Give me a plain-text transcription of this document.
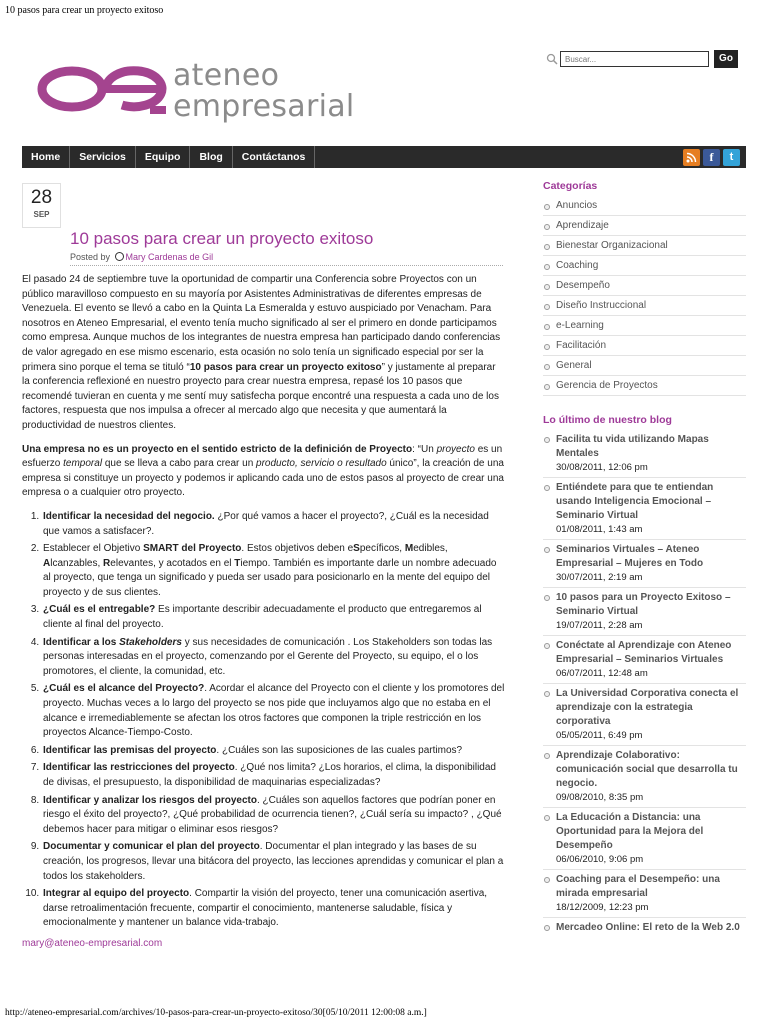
10 pasos para crear un proyecto exitoso
ateneo
empresarial
Buscar...
Go
Home	Servicios	Equipo	Blog	Contáctanos	f	t
28
SEP
10 pasos para crear un proyecto exitoso
Posted by Mary Cardenas de Gil

El pasado 24 de septiembre tuve la oportunidad de compartir una Conferencia sobre Proyectos con un público maravilloso compuesto en su mayoría por Asistentes Administrativas de diferentes empresas de Venezuela. El evento se llevó a cabo en la Quinta La Esmeralda y estuvo auspiciado por Venacham. Para nosotros en Ateneo Empresarial, el evento tenía mucho significado al ser el primero en donde participamos como empresa. Aunque muchos de los integrantes de nuestra empresa han participado dando conferencias de valor agregado en ese mismo escenario, esta ocasión no solo tenía un significado especial por ser la primera sino porque el tema se tituló “10 pasos para crear un proyecto exitoso” y justamente al preparar la conferencia reflexioné en nuestro proyecto para crear nuestra empresa, repasé los 10 pasos que recomendé tuvieran en cuenta y me sentí muy satisfecha porque encontré una respuesta a cada uno de los factores, respuesta que nos impulsa a ofrecer al mercado algo que necesita y que aumentará la productividad de nuestros clientes.

Una empresa no es un proyecto en el sentido estricto de la definición de Proyecto: “Un proyecto es un esfuerzo temporal que se lleva a cabo para crear un producto, servicio o resultado único”, la creación de una empresa si constituye un proyecto y podemos ir aplicando cada uno de estos pasos al proyecto de crear una empresa o a cualquier otro proyecto.

1. Identificar la necesidad del negocio. ¿Por qué vamos a hacer el proyecto?, ¿Cuál es la necesidad que vamos a satisfacer?.
2. Establecer el Objetivo SMART del Proyecto. Estos objetivos deben eSpecíficos, Medibles, Alcanzables, Relevantes, y acotados en el Tiempo. También es importante darle un nombre adecuado al proyecto, que tenga un significado y pueda ser usado para posicionarlo en la mente del equipo del proyecto y de sus clientes.
3. ¿Cuál es el entregable? Es importante describir adecuadamente el producto que entregaremos al cliente al final del proyecto.
4. Identificar a los Stakeholders y sus necesidades de comunicación . Los Stakeholders son todas las personas interesadas en el proyecto, comenzando por el Gerente del Proyecto, su equipo, el o los promotores, el cliente, la comunidad, etc.
5. ¿Cuál es el alcance del Proyecto?. Acordar el alcance del Proyecto con el cliente y los promotores del proyecto. Muchas veces a lo largo del proyecto se nos pide que incluyamos algo que no estaba en el alcance e irremediablemente se afectan los otros factores que componen la triple restricción en los proyectos Alcance-Tiempo-Costo.
6. Identificar las premisas del proyecto. ¿Cuáles son las suposiciones de las cuales partimos?
7. Identificar las restricciones del proyecto. ¿Qué nos limita? ¿Los horarios, el clima, la disponibilidad de divisas, el presupuesto, la disponibilidad de maquinarias especializadas?
8. Identificar y analizar los riesgos del proyecto. ¿Cuáles son aquellos factores que podrían poner en riesgo el éxito del proyecto?, ¿Qué probabilidad de ocurrencia tienen?, ¿Cuál sería su impacto? , ¿Qué debemos hacer para mitigar o eliminar esos riesgos?
9. Documentar y comunicar el plan del proyecto. Documentar el plan integrado y las bases de su creación, los progresos, llevar una bitácora del proyecto, las lecciones aprendidas y comunicar el plan a todos los stakeholders.
10. Integrar al equipo del proyecto. Compartir la visión del proyecto, tener una comunicación asertiva, darse retroalimentación frecuente, compartir el conocimiento, mantenerse saludable, física y emocionalmente y mantener un balance vida-trabajo.

mary@ateneo-empresarial.com

Categorías
Anuncios
Aprendizaje
Bienestar Organizacional
Coaching
Desempeño
Diseño Instruccional
e-Learning
Facilitación
General
Gerencia de Proyectos
Lo último de nuestro blog
Facilita tu vida utilizando Mapas Mentales
30/08/2011, 12:06 pm
Entiéndete para que te entiendan usando Inteligencia Emocional – Seminario Virtual
01/08/2011, 1:43 am
Seminarios Virtuales – Ateneo Empresarial – Mujeres en Todo
30/07/2011, 2:19 am
10 pasos para un Proyecto Exitoso – Seminario Virtual
19/07/2011, 2:28 am
Conéctate al Aprendizaje con Ateneo Empresarial – Seminarios Virtuales
06/07/2011, 12:48 am
La Universidad Corporativa conecta el aprendizaje con la estrategia corporativa
05/05/2011, 6:49 pm
Aprendizaje Colaborativo: comunicación social que desarrolla tu negocio.
09/08/2010, 8:35 pm
La Educación a Distancia: una Oportunidad para la Mejora del Desempeño
06/06/2010, 9:06 pm
Coaching para el Desempeño: una mirada empresarial
18/12/2009, 12:23 pm
Mercadeo Online: El reto de la Web 2.0
http://ateneo-empresarial.com/archives/10-pasos-para-crear-un-proyecto-exitoso/30[05/10/2011 12:00:08 a.m.]
